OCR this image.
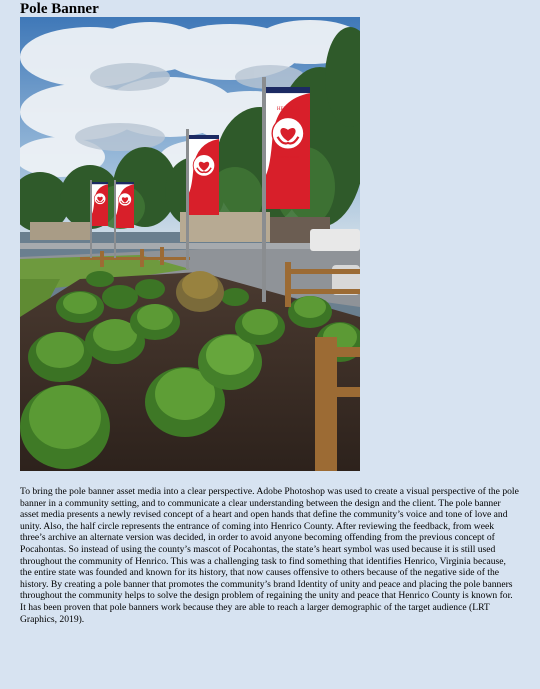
Pole Banner
HENRICO
YOU'RE HOME

To bring the pole banner asset media into a clear perspective. Adobe Photoshop was used to create a visual perspective of the pole banner in a community setting, and to communicate a clear understanding between the design and the client. The pole banner asset media presents a newly revised concept of a heart and open hands that define the community’s voice and tone of love and unity. Also, the half circle represents the entrance of coming into Henrico County. After reviewing the feedback, from week three’s archive an alternate version was decided, in order to avoid anyone becoming offending from the previous concept of Pocahontas. So instead of using the county’s mascot of Pocahontas, the state’s heart symbol was used because it is still used throughout the community of Henrico. This was a challenging task to find something that identifies Henrico, Virginia because, the entire state was founded and known for its history, that now causes offensive to others because of the negative side of the history. By creating a pole banner that promotes the community’s brand Identity of unity and peace and placing the pole banners throughout the community helps to solve the design problem of regaining the unity and peace that Henrico County is known for. It has been proven that pole banners work because they are able to reach a larger demographic of the target audience (LRT Graphics, 2019).
